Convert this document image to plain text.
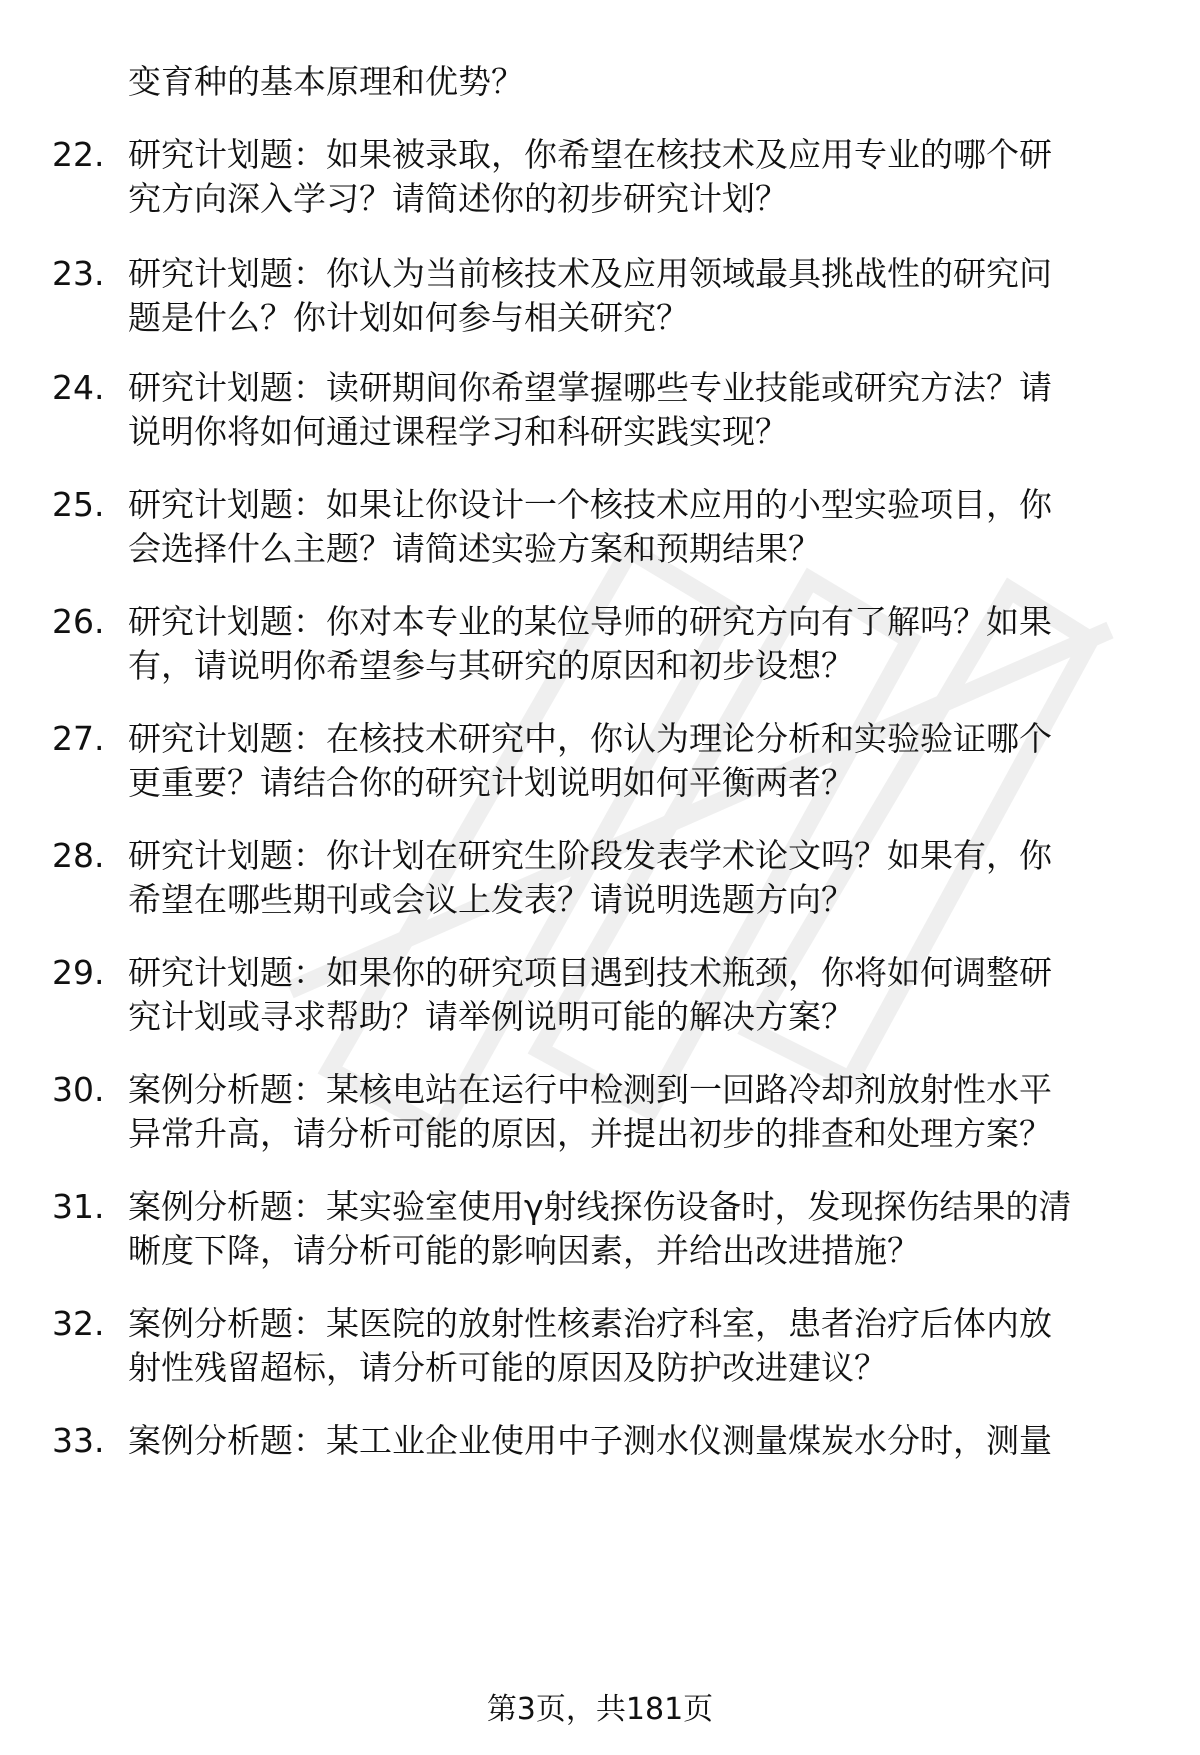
变育种的基本原理和优势？
22. 研究计划题：如果被录取，你希望在核技术及应用专业的哪个研
究方向深入学习？请简述你的初步研究计划？
23. 研究计划题：你认为当前核技术及应用领域最具挑战性的研究问
题是什么？你计划如何参与相关研究？
24. 研究计划题：读研期间你希望掌握哪些专业技能或研究方法？请
说明你将如何通过课程学习和科研实践实现？
25. 研究计划题：如果让你设计一个核技术应用的小型实验项目，你
会选择什么主题？请简述实验方案和预期结果？
26. 研究计划题：你对本专业的某位导师的研究方向有了解吗？如果
有，请说明你希望参与其研究的原因和初步设想？
27. 研究计划题：在核技术研究中，你认为理论分析和实验验证哪个
更重要？请结合你的研究计划说明如何平衡两者？
28. 研究计划题：你计划在研究生阶段发表学术论文吗？如果有，你
希望在哪些期刊或会议上发表？请说明选题方向？
29. 研究计划题：如果你的研究项目遇到技术瓶颈，你将如何调整研
究计划或寻求帮助？请举例说明可能的解决方案？
30. 案例分析题：某核电站在运行中检测到一回路冷却剂放射性水平
异常升高，请分析可能的原因，并提出初步的排查和处理方案？
31. 案例分析题：某实验室使用γ射线探伤设备时，发现探伤结果的清
晰度下降，请分析可能的影响因素，并给出改进措施？
32. 案例分析题：某医院的放射性核素治疗科室，患者治疗后体内放
射性残留超标，请分析可能的原因及防护改进建议？
33. 案例分析题：某工业企业使用中子测水仪测量煤炭水分时，测量
第3页，共181页
